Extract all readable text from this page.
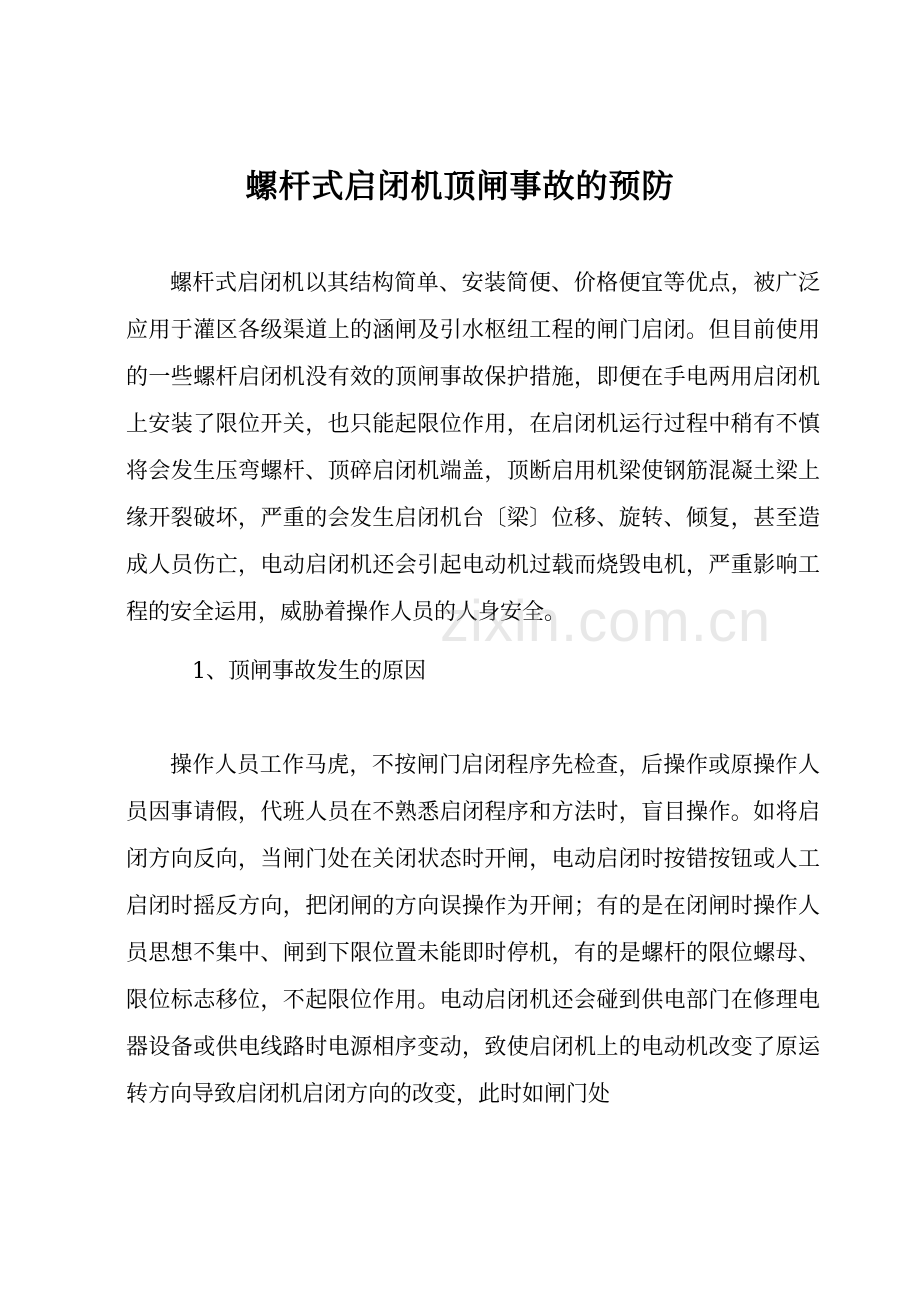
螺杆式启闭机顶闸事故的预防

螺杆式启闭机以其结构简单、安装简便、价格便宜等优点，被广泛应用于灌区各级渠道上的涵闸及引水枢纽工程的闸门启闭。但目前使用的一些螺杆启闭机没有效的顶闸事故保护措施，即便在手电两用启闭机上安装了限位开关，也只能起限位作用，在启闭机运行过程中稍有不慎将会发生压弯螺杆、顶碎启闭机端盖，顶断启用机梁使钢筋混凝土梁上缘开裂破坏，严重的会发生启闭机台〔梁〕位移、旋转、倾复，甚至造成人员伤亡，电动启闭机还会引起电动机过载而烧毁电机，严重影响工程的安全运用，威胁着操作人员的人身安全。

1、顶闸事故发生的原因

操作人员工作马虎，不按闸门启闭程序先检查，后操作或原操作人员因事请假，代班人员在不熟悉启闭程序和方法时，盲目操作。如将启闭方向反向，当闸门处在关闭状态时开闸，电动启闭时按错按钮或人工启闭时摇反方向，把闭闸的方向误操作为开闸；有的是在闭闸时操作人员思想不集中、闸到下限位置未能即时停机，有的是螺杆的限位螺母、限位标志移位，不起限位作用。电动启闭机还会碰到供电部门在修理电器设备或供电线路时电源相序变动，致使启闭机上的电动机改变了原运转方向导致启闭机启闭方向的改变，此时如闸门处

zixin.com.cn
